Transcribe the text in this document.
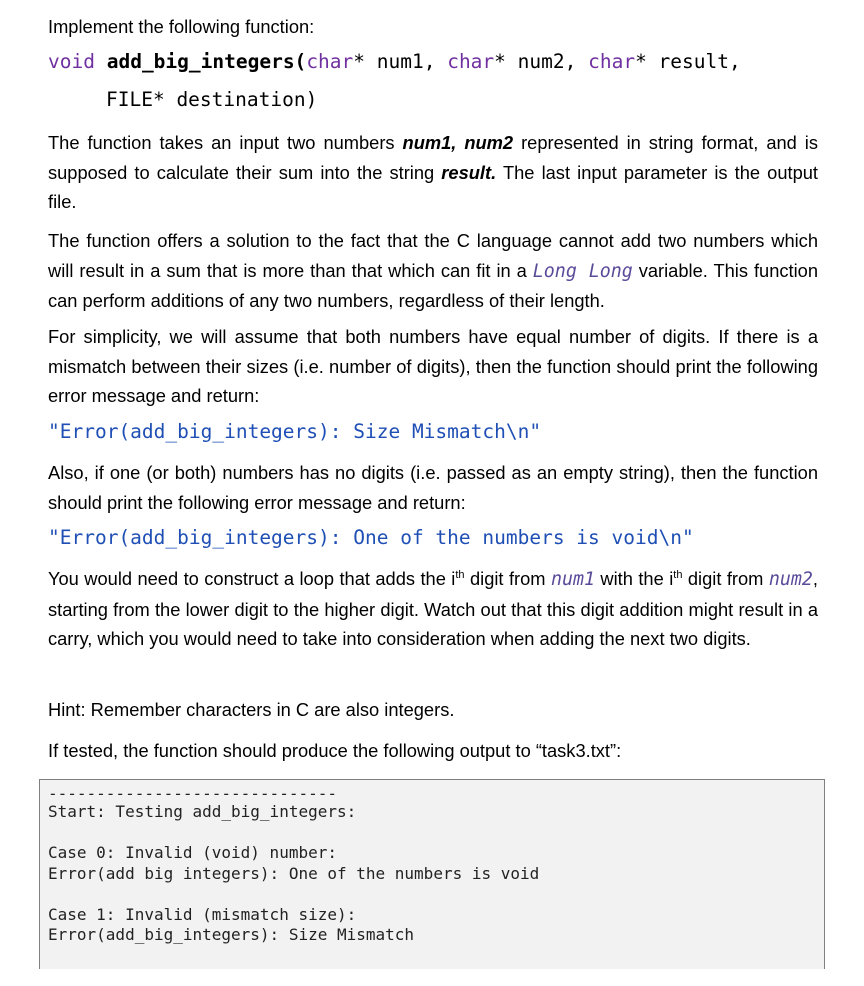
Implement the following function:

void add_big_integers(char* num1, char* num2, char* result,
FILE* destination)

The function takes an input two numbers num1, num2 represented in string format, and is supposed to calculate their sum into the string result. The last input parameter is the output file.

The function offers a solution to the fact that the C language cannot add two numbers which will result in a sum that is more than that which can fit in a Long Long variable. This function can perform additions of any two numbers, regardless of their length.

For simplicity, we will assume that both numbers have equal number of digits. If there is a mismatch between their sizes (i.e. number of digits), then the function should print the following error message and return:

"Error(add_big_integers): Size Mismatch\n"

Also, if one (or both) numbers has no digits (i.e. passed as an empty string), then the function should print the following error message and return:

"Error(add_big_integers): One of the numbers is void\n"

You would need to construct a loop that adds the $i^{th}$ digit from num1 with the $i^{th}$ digit from num2, starting from the lower digit to the higher digit. Watch out that this digit addition might result in a carry, which you would need to take into consideration when adding the next two digits.

Hint: Remember characters in C are also integers.

If tested, the function should produce the following output to “task3.txt”:

------------------------------
Start: Testing add_big_integers:
Case 0: Invalid (void) number:
Error(add big integers): One of the numbers is void
Case 1: Invalid (mismatch size):
Error(add_big_integers): Size Mismatch
